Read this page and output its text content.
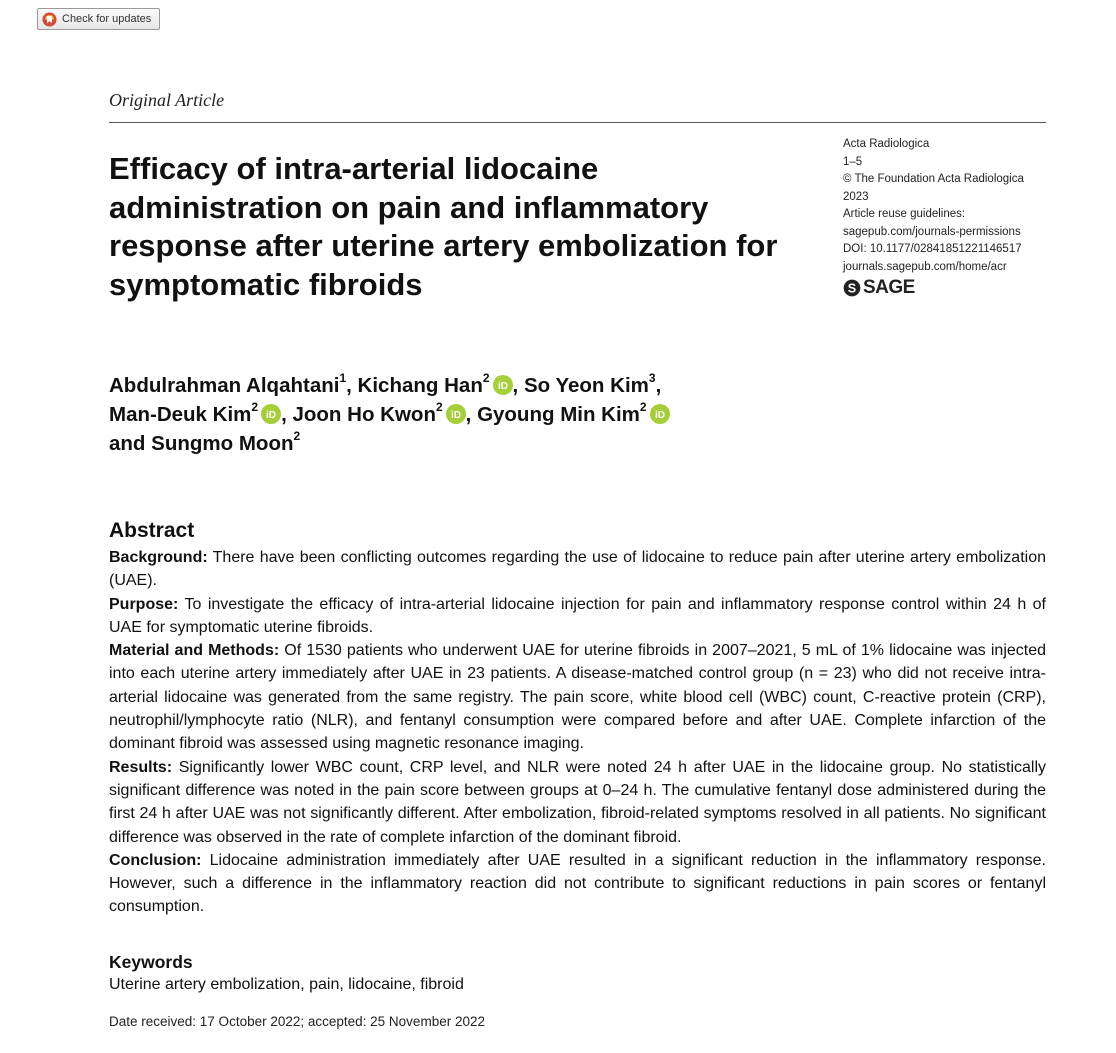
Check for updates
Original Article
Efficacy of intra-arterial lidocaine administration on pain and inflammatory response after uterine artery embolization for symptomatic fibroids
Acta Radiologica
1–5
© The Foundation Acta Radiologica
2023
Article reuse guidelines:
sagepub.com/journals-permissions
DOI: 10.1177/02841851221146517
journals.sagepub.com/home/acr
S SAGE
Abdulrahman Alqahtani$^1$, Kichang Han$^2$
iD , So Yeon Kim$^3$,
Man-Deuk Kim$^2$
iD , Joon Ho Kwon$^2$
iD , Gyoung Min Kim$^2$
iD

and Sungmo Moon$^2$
Abstract

Background: There have been conflicting outcomes regarding the use of lidocaine to reduce pain after uterine artery embolization (UAE).

Purpose: To investigate the efficacy of intra-arterial lidocaine injection for pain and inflammatory response control within 24 h of UAE for symptomatic uterine fibroids.

Material and Methods: Of 1530 patients who underwent UAE for uterine fibroids in 2007–2021, 5 mL of 1% lidocaine was injected into each uterine artery immediately after UAE in 23 patients. A disease-matched control group (n = 23) who did not receive intra-arterial lidocaine was generated from the same registry. The pain score, white blood cell (WBC) count, C-reactive protein (CRP), neutrophil/lymphocyte ratio (NLR), and fentanyl consumption were compared before and after UAE. Complete infarction of the dominant fibroid was assessed using magnetic resonance imaging.

Results: Significantly lower WBC count, CRP level, and NLR were noted 24 h after UAE in the lidocaine group. No statistically significant difference was noted in the pain score between groups at 0–24 h. The cumulative fentanyl dose administered during the first 24 h after UAE was not significantly different. After embolization, fibroid-related symptoms resolved in all patients. No significant difference was observed in the rate of complete infarction of the dominant fibroid.

Conclusion: Lidocaine administration immediately after UAE resulted in a significant reduction in the inflammatory response. However, such a difference in the inflammatory reaction did not contribute to significant reductions in pain scores or fentanyl consumption.

Keywords
Uterine artery embolization, pain, lidocaine, fibroid
Date received: 17 October 2022; accepted: 25 November 2022
